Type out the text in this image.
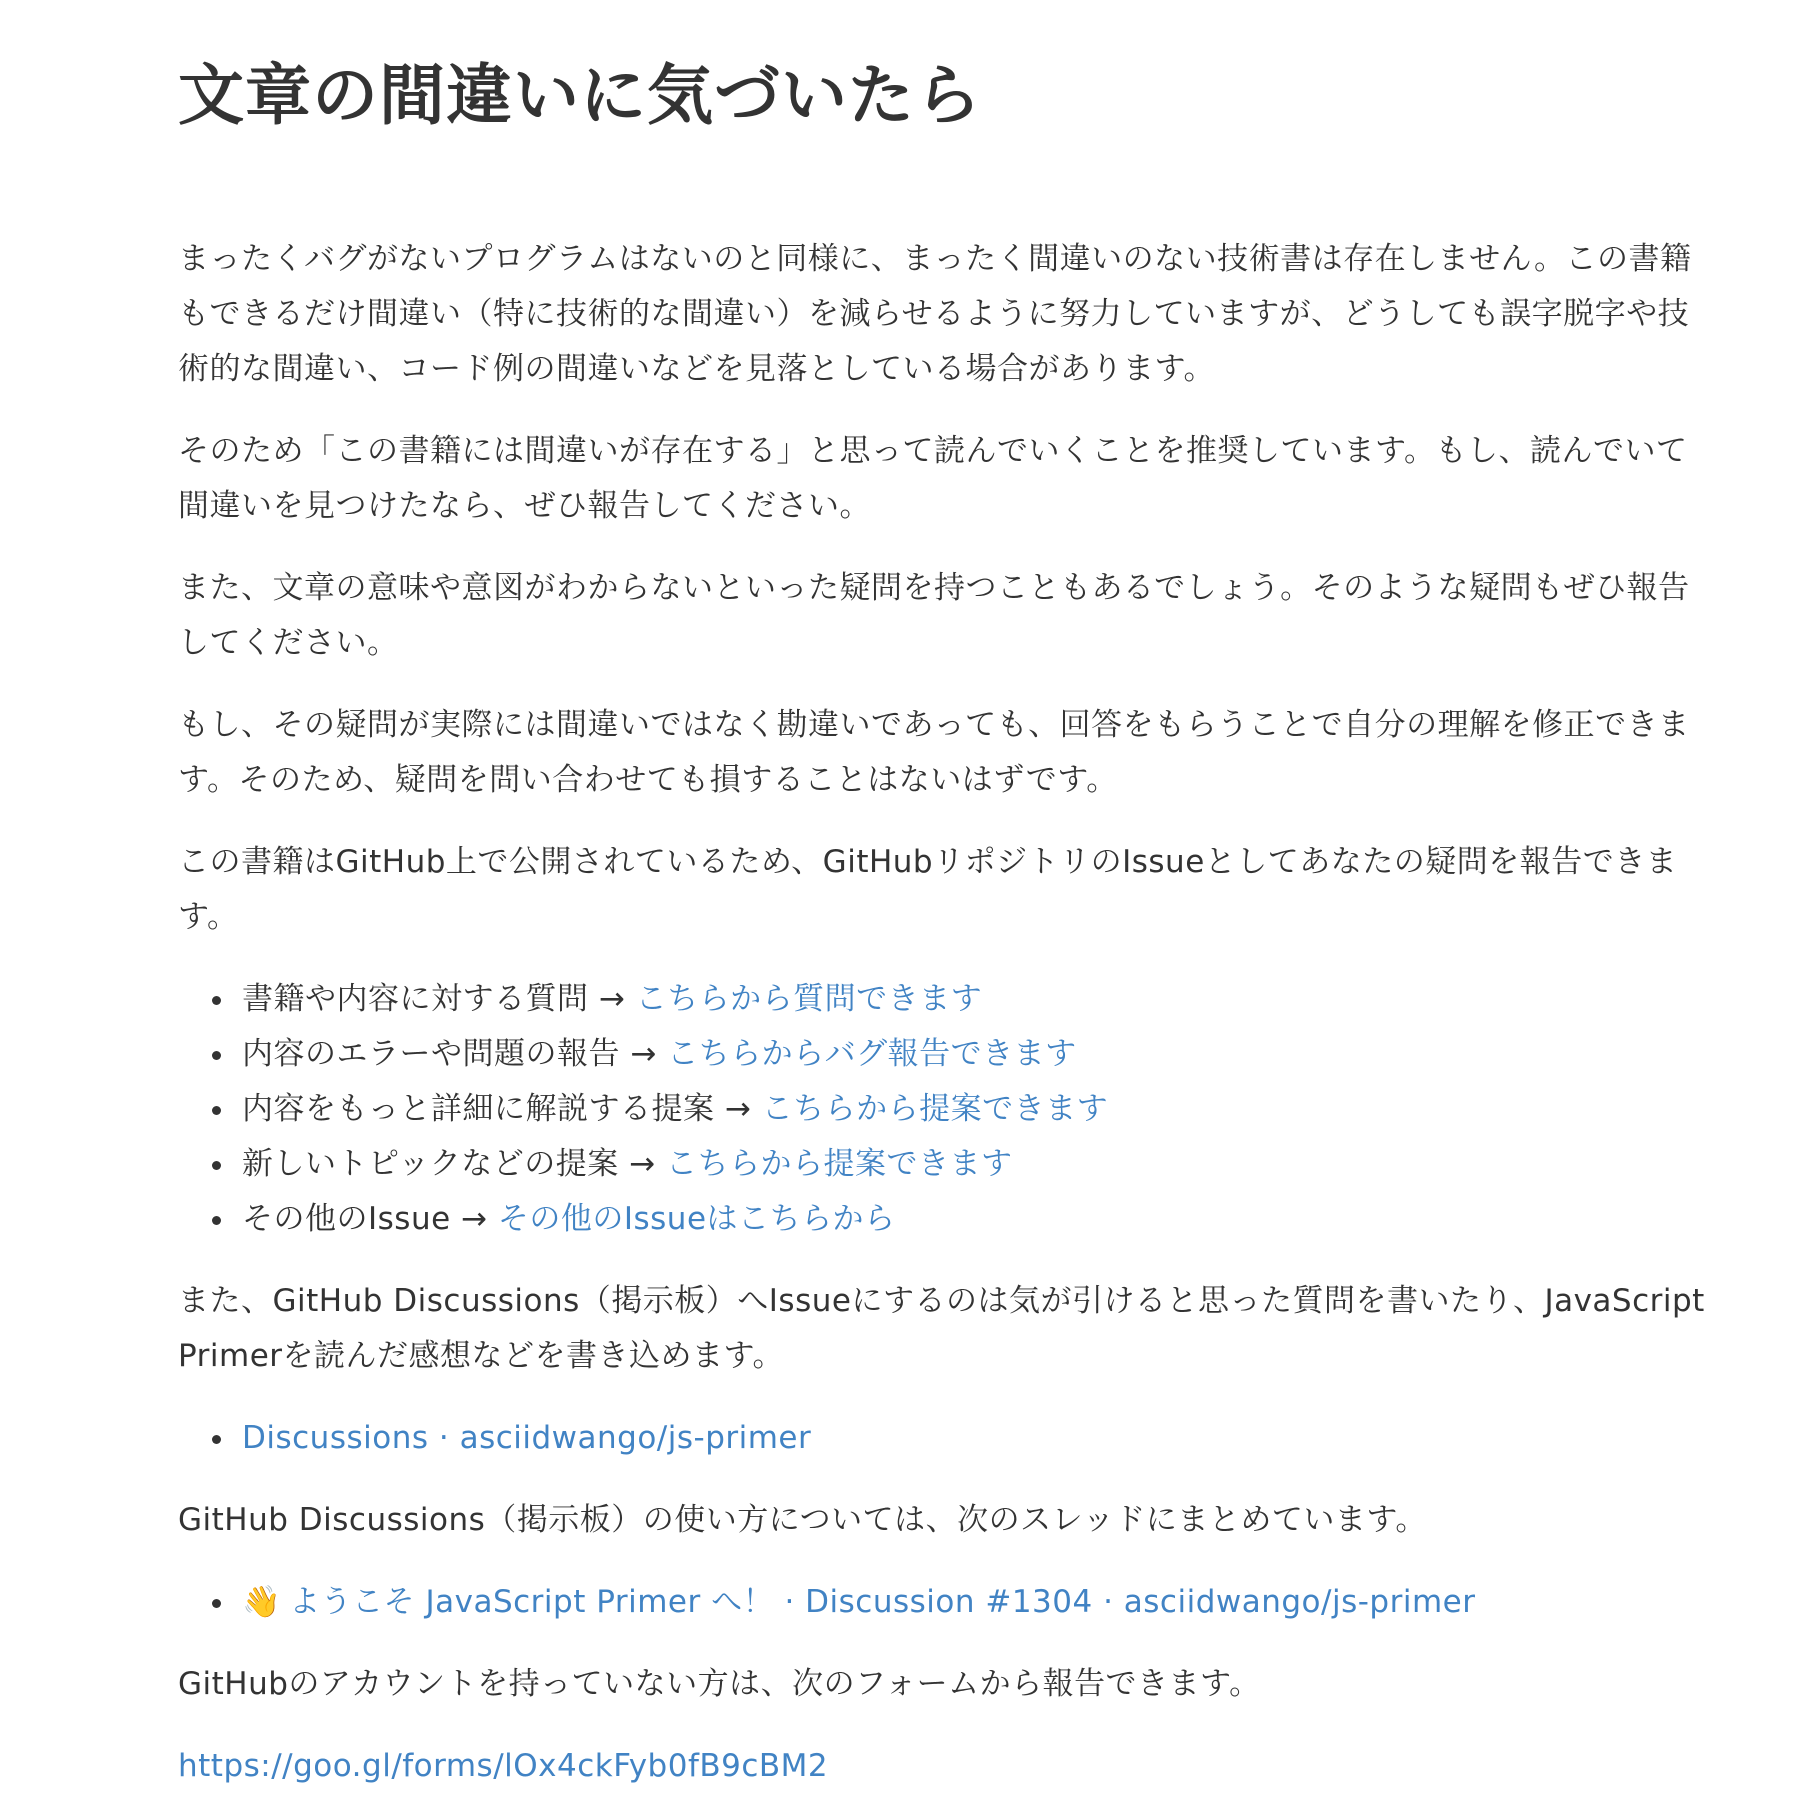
文章の間違いに気づいたら

まったくバグがないプログラムはないのと同様に、まったく間違いのない技術書は存在しません。この書籍もできるだけ間違い（特に技術的な間違い）を減らせるように努力していますが、どうしても誤字脱字や技術的な間違い、コード例の間違いなどを見落としている場合があります。

そのため「この書籍には間違いが存在する」と思って読んでいくことを推奨しています。もし、読んでいて間違いを見つけたなら、ぜひ報告してください。

また、文章の意味や意図がわからないといった疑問を持つこともあるでしょう。そのような疑問もぜひ報告してください。

もし、その疑問が実際には間違いではなく勘違いであっても、回答をもらうことで自分の理解を修正できます。そのため、疑問を問い合わせても損することはないはずです。

この書籍はGitHub上で公開されているため、GitHubリポジトリのIssueとしてあなたの疑問を報告できます。

書籍や内容に対する質問 → こちらから質問できます
内容のエラーや問題の報告 → こちらからバグ報告できます
内容をもっと詳細に解説する提案 → こちらから提案できます
新しいトピックなどの提案 → こちらから提案できます
その他のIssue → その他のIssueはこちらから

また、GitHub Discussions（掲示板）へIssueにするのは気が引けると思った質問を書いたり、JavaScript Primerを読んだ感想などを書き込めます。

Discussions · asciidwango/js-primer

GitHub Discussions（掲示板）の使い方については、次のスレッドにまとめています。

👋 ようこそ JavaScript Primer へ！ · Discussion #1304 · asciidwango/js-primer

GitHubのアカウントを持っていない方は、次のフォームから報告できます。

https://goo.gl/forms/lOx4ckFyb0fB9cBM2
